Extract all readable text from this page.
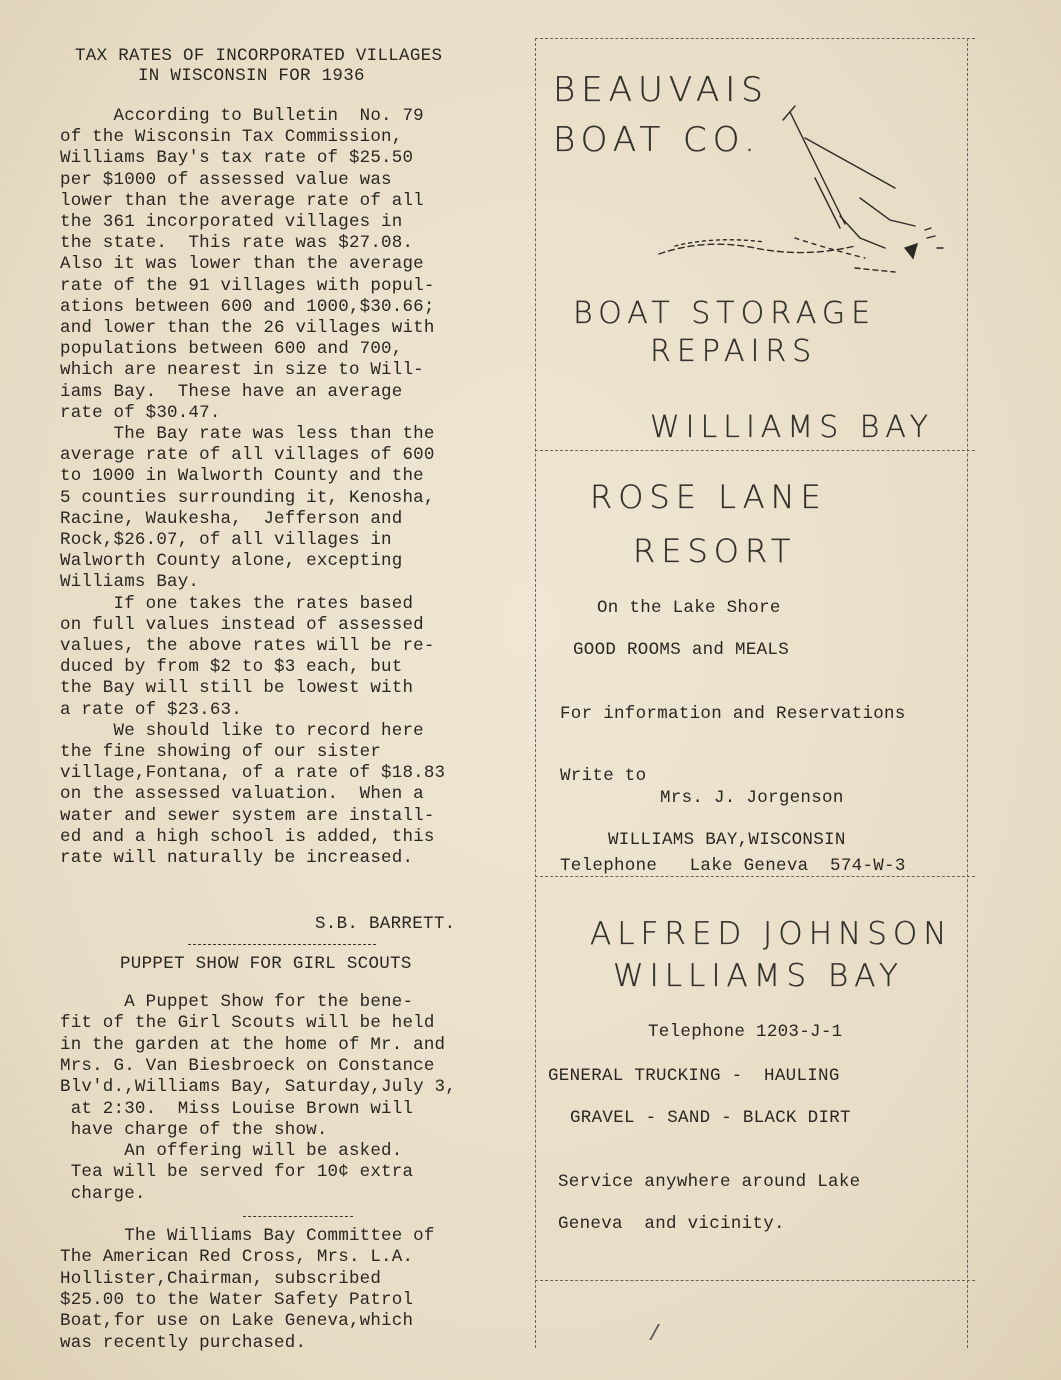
TAX RATES OF INCORPORATED VILLAGES
IN WISCONSIN FOR 1936
According to Bulletin  No. 79
of the Wisconsin Tax Commission,
Williams Bay's tax rate of $25.50
per $1000 of assessed value was
lower than the average rate of all
the 361 incorporated villages in
the state.  This rate was $27.08.
Also it was lower than the average
rate of the 91 villages with popul-
ations between 600 and 1000,$30.66;
and lower than the 26 villages with
populations between 600 and 700,
which are nearest in size to Will-
iams Bay.  These have an average
rate of $30.47.
The Bay rate was less than the
average rate of all villages of 600
to 1000 in Walworth County and the
5 counties surrounding it, Kenosha,
Racine, Waukesha,  Jefferson and
Rock,$26.07, of all villages in
Walworth County alone, excepting
Williams Bay.
If one takes the rates based
on full values instead of assessed
values, the above rates will be re-
duced by from $2 to $3 each, but
the Bay will still be lowest with
a rate of $23.63.
We should like to record here
the fine showing of our sister
village,Fontana, of a rate of $18.83
on the assessed valuation.  When a
water and sewer system are install-
ed and a high school is added, this
rate will naturally be increased.
S.B. BARRETT.
PUPPET SHOW FOR GIRL SCOUTS
A Puppet Show for the bene-
fit of the Girl Scouts will be held
in the garden at the home of Mr. and
Mrs. G. Van Biesbroeck on Constance
Blv'd.,Williams Bay, Saturday,July 3,
at 2:30.  Miss Louise Brown will
have charge of the show.
An offering will be asked.
Tea will be served for 10¢ extra
charge.
The Williams Bay Committee of
The American Red Cross, Mrs. L.A.
Hollister,Chairman, subscribed
$25.00 to the Water Safety Patrol
Boat,for use on Lake Geneva,which
was recently purchased.
BEAUVAIS
BOAT CO.
BOAT STORAGE
REPAIRS
WILLIAMS BAY
ROSE LANE
RESORT
On the Lake Shore
GOOD ROOMS and MEALS
For information and Reservations
Write to
Mrs. J. Jorgenson
WILLIAMS BAY,WISCONSIN
Telephone   Lake Geneva  574-W-3
ALFRED JOHNSON
WILLIAMS BAY
Telephone 1203-J-1
GENERAL TRUCKING -  HAULING
GRAVEL - SAND - BLACK DIRT
Service anywhere around Lake
Geneva  and vicinity.
/
